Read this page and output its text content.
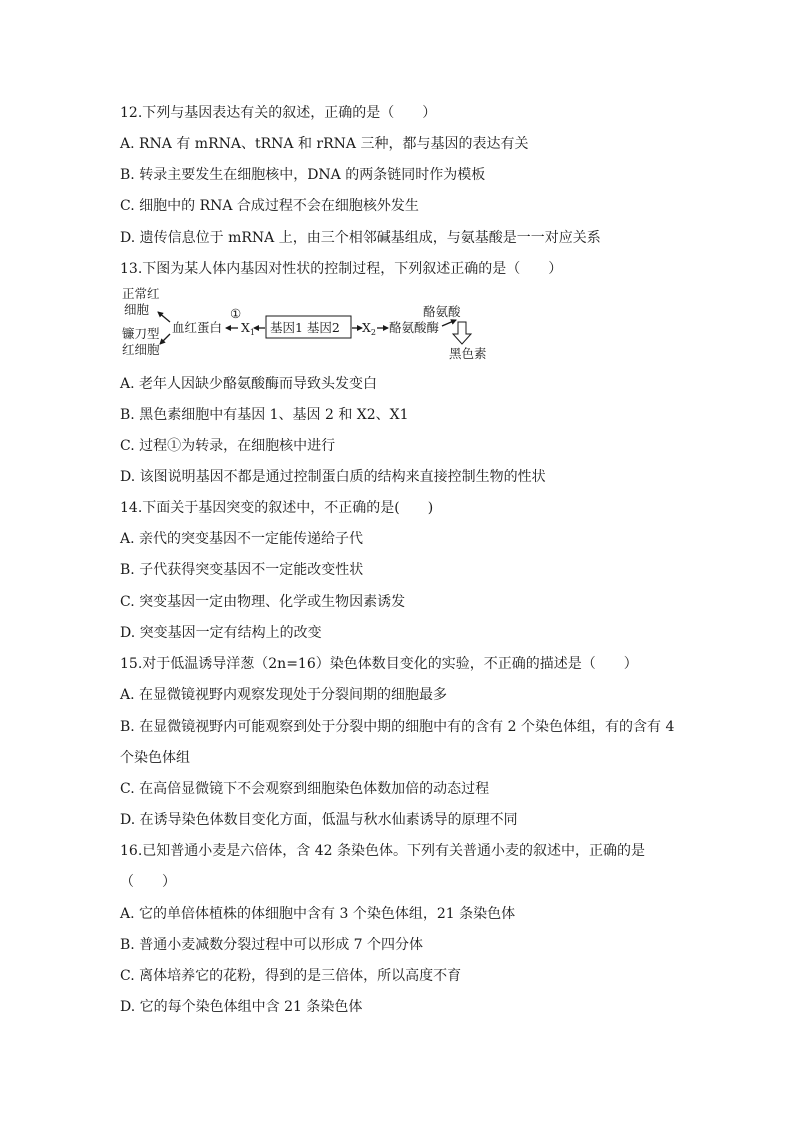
12.下列与基因表达有关的叙述，正确的是（　　）
A. RNA 有 mRNA、tRNA 和 rRNA 三种，都与基因的表达有关
B. 转录主要发生在细胞核中，DNA 的两条链同时作为模板
C. 细胞中的 RNA 合成过程不会在细胞核外发生
D. 遗传信息位于 mRNA 上，由三个相邻碱基组成，与氨基酸是一一对应关系
13.下图为某人体内基因对性状的控制过程，下列叙述正确的是（　　）
正常红
细胞
镰刀型
红细胞
血红蛋白
①
$X_1$ 基因1 基因2 $X_2$ 酪氨酸酶
酪氨酸
黑色素
A. 老年人因缺少酪氨酸酶而导致头发变白
B. 黑色素细胞中有基因 1、基因 2 和 X2、X1
C. 过程①为转录，在细胞核中进行
D. 该图说明基因不都是通过控制蛋白质的结构来直接控制生物的性状
14.下面关于基因突变的叙述中，不正确的是(　　)
A. 亲代的突变基因不一定能传递给子代
B. 子代获得突变基因不一定能改变性状
C. 突变基因一定由物理、化学或生物因素诱发
D. 突变基因一定有结构上的改变
15.对于低温诱导洋葱（2n=16）染色体数目变化的实验，不正确的描述是（　　）
A. 在显微镜视野内观察发现处于分裂间期的细胞最多
B. 在显微镜视野内可能观察到处于分裂中期的细胞中有的含有 2 个染色体组，有的含有 4
个染色体组
C. 在高倍显微镜下不会观察到细胞染色体数加倍的动态过程
D. 在诱导染色体数目变化方面，低温与秋水仙素诱导的原理不同
16.已知普通小麦是六倍体，含 42 条染色体。下列有关普通小麦的叙述中，正确的是
（　　）
A. 它的单倍体植株的体细胞中含有 3 个染色体组，21 条染色体
B. 普通小麦减数分裂过程中可以形成 7 个四分体
C. 离体培养它的花粉，得到的是三倍体，所以高度不育
D. 它的每个染色体组中含 21 条染色体
